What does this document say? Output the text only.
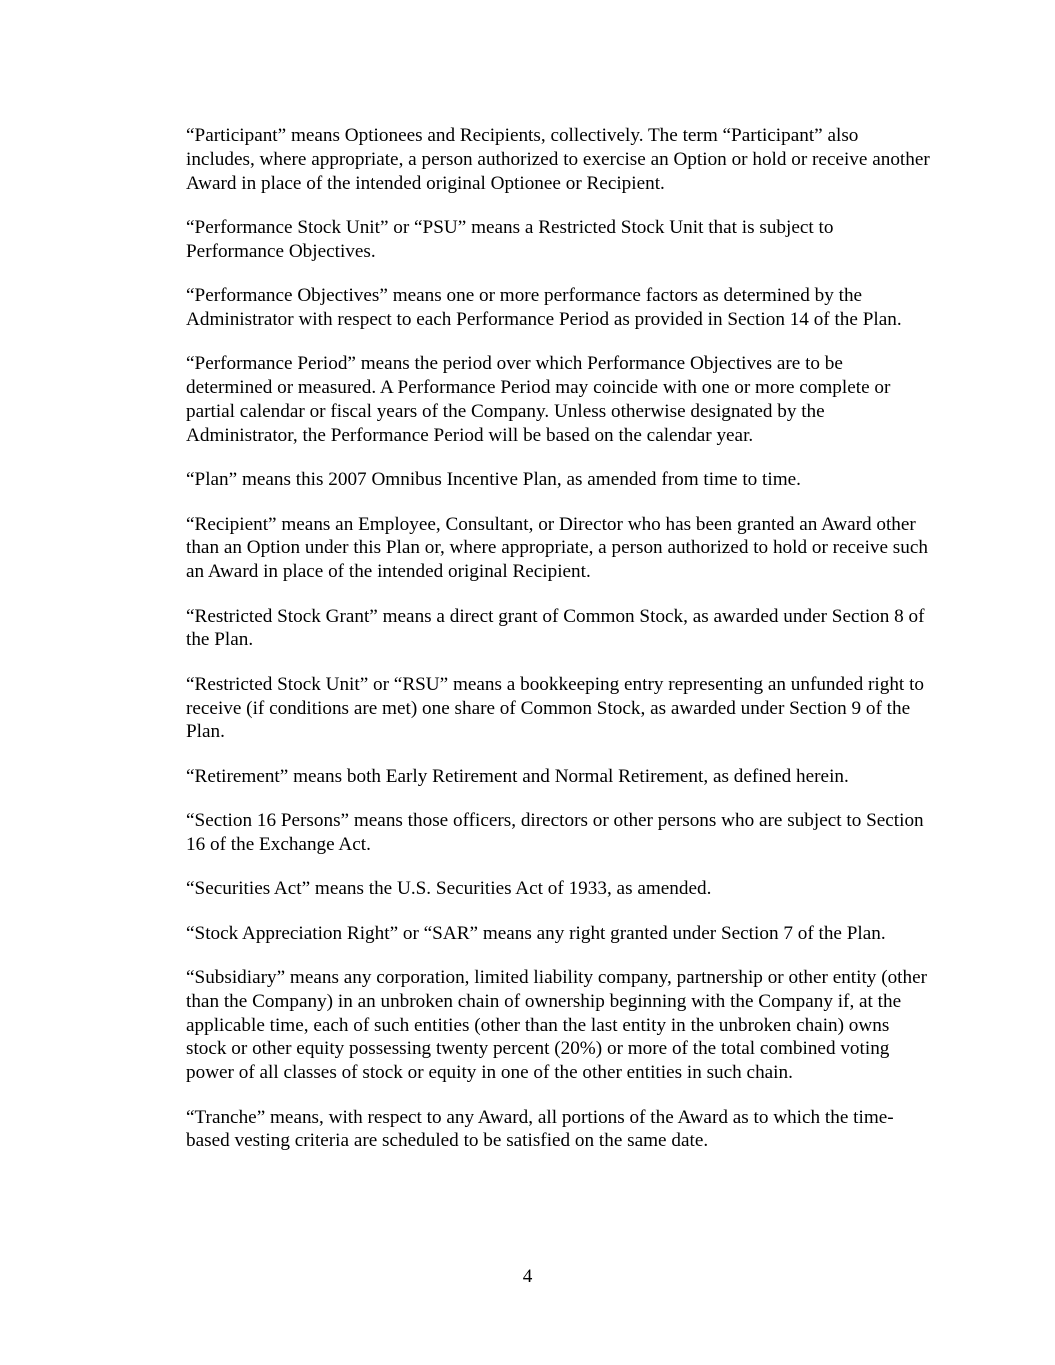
“Participant” means Optionees and Recipients, collectively. The term “Participant” also includes, where appropriate, a person authorized to exercise an Option or hold or receive another Award in place of the intended original Optionee or Recipient.

“Performance Stock Unit” or “PSU” means a Restricted Stock Unit that is subject to Performance Objectives.

“Performance Objectives” means one or more performance factors as determined by the Administrator with respect to each Performance Period as provided in Section 14 of the Plan.

“Performance Period” means the period over which Performance Objectives are to be determined or measured. A Performance Period may coincide with one or more complete or partial calendar or fiscal years of the Company. Unless otherwise designated by the Administrator, the Performance Period will be based on the calendar year.

“Plan” means this 2007 Omnibus Incentive Plan, as amended from time to time.

“Recipient” means an Employee, Consultant, or Director who has been granted an Award other than an Option under this Plan or, where appropriate, a person authorized to hold or receive such an Award in place of the intended original Recipient.

“Restricted Stock Grant” means a direct grant of Common Stock, as awarded under Section 8 of the Plan.

“Restricted Stock Unit” or “RSU” means a bookkeeping entry representing an unfunded right to receive (if conditions are met) one share of Common Stock, as awarded under Section 9 of the Plan.

“Retirement” means both Early Retirement and Normal Retirement, as defined herein.

“Section 16 Persons” means those officers, directors or other persons who are subject to Section 16 of the Exchange Act.

“Securities Act” means the U.S. Securities Act of 1933, as amended.

“Stock Appreciation Right” or “SAR” means any right granted under Section 7 of the Plan.

“Subsidiary” means any corporation, limited liability company, partnership or other entity (other than the Company) in an unbroken chain of ownership beginning with the Company if, at the applicable time, each of such entities (other than the last entity in the unbroken chain) owns stock or other equity possessing twenty percent (20%) or more of the total combined voting power of all classes of stock or equity in one of the other entities in such chain.

“Tranche” means, with respect to any Award, all portions of the Award as to which the time-based vesting criteria are scheduled to be satisfied on the same date.

4
